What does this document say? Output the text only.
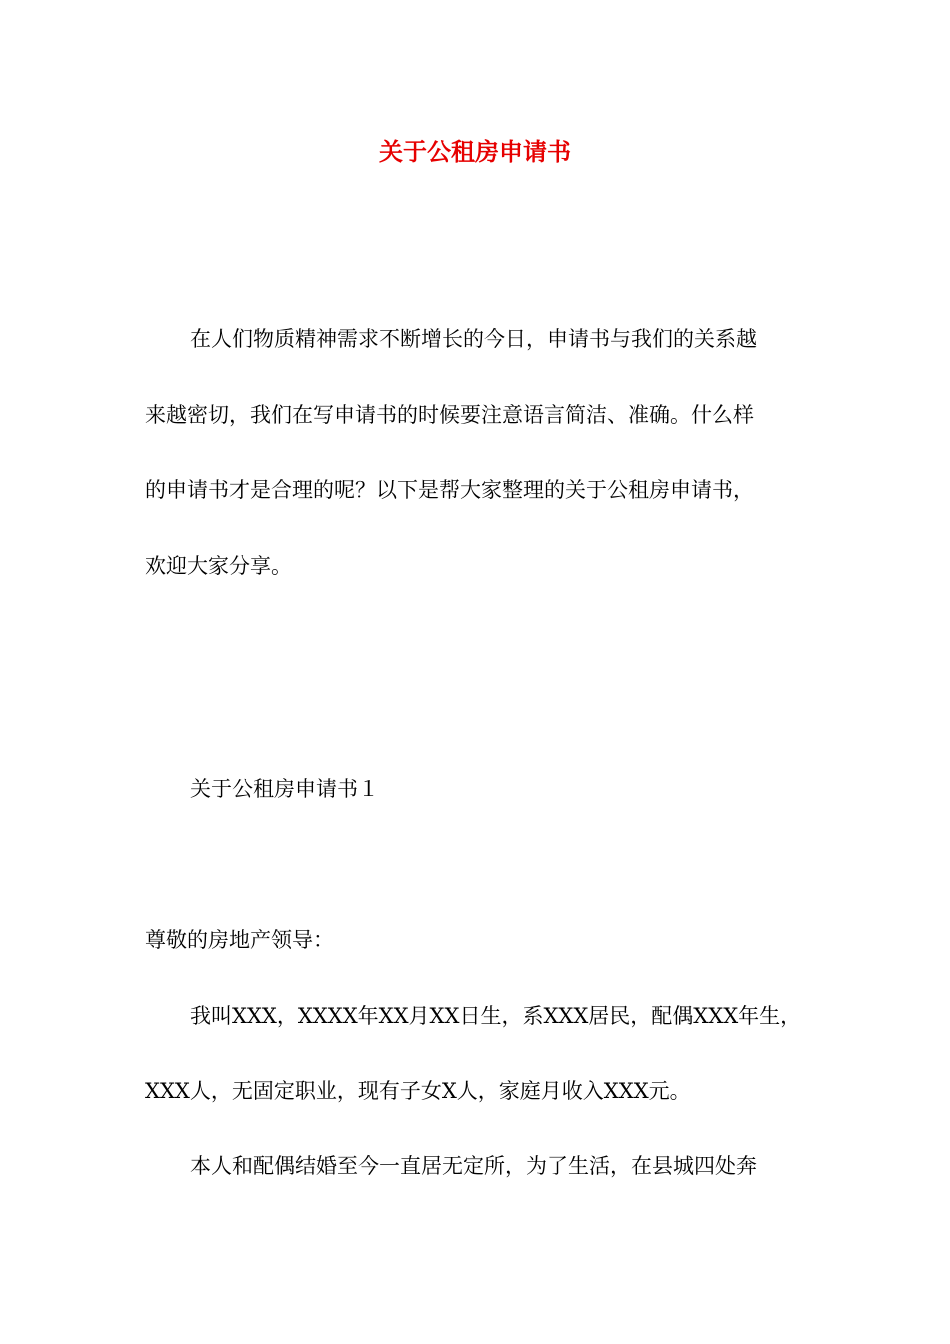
关于公租房申请书

在人们物质精神需求不断增长的今日，申请书与我们的关系越

来越密切，我们在写申请书的时候要注意语言简洁、准确。什么样

的申请书才是合理的呢？以下是帮大家整理的关于公租房申请书，

欢迎大家分享。

关于公租房申请书１

尊敬的房地产领导：

我叫XXX，XXXX年XX月XX日生，系XXX居民，配偶XXX年生，

XXX人，无固定职业，现有子女X人，家庭月收入XXX元。

本人和配偶结婚至今一直居无定所，为了生活，在县城四处奔
